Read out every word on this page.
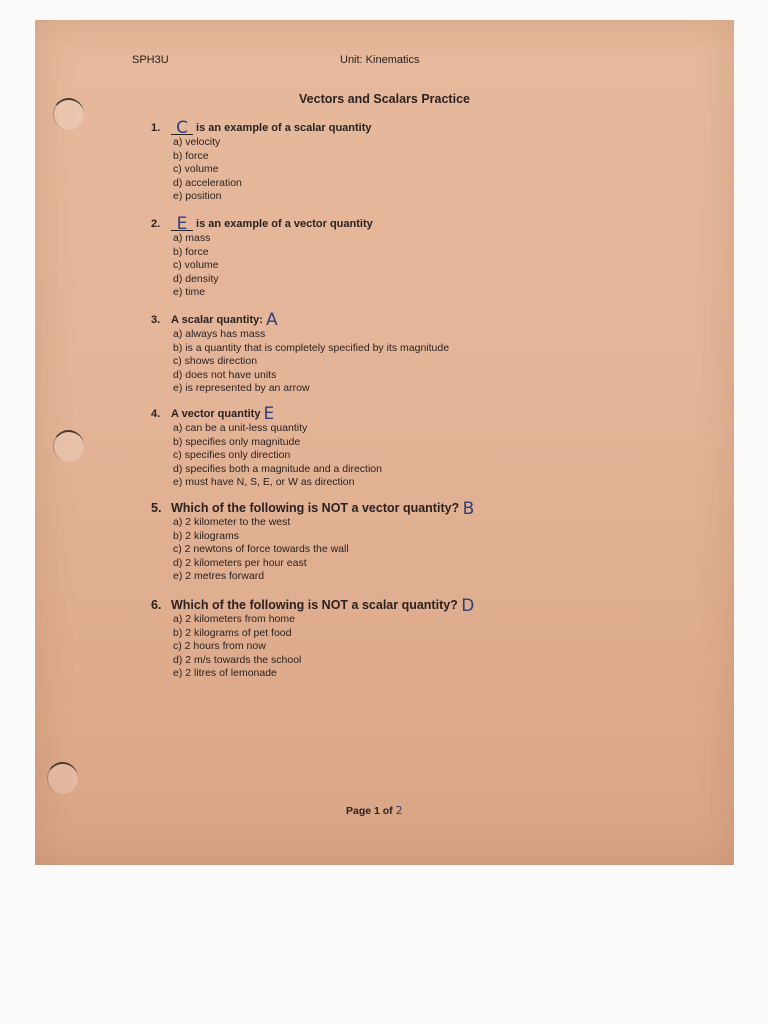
SPH3U	Unit: Kinematics
Vectors and Scalars Practice
1. C is an example of a scalar quantity
a) velocity
b) force
c) volume
d) acceleration
e) position
2. E is an example of a vector quantity
a) mass
b) force
c) volume
d) density
e) time
3. A scalar quantity: A
a) always has mass
b) is a quantity that is completely specified by its magnitude
c) shows direction
d) does not have units
e) is represented by an arrow
4. A vector quantity E
a) can be a unit-less quantity
b) specifies only magnitude
c) specifies only direction
d) specifies both a magnitude and a direction
e) must have N, S, E, or W as direction
5. Which of the following is NOT a vector quantity? B
a) 2 kilometer to the west
b) 2 kilograms
c) 2 newtons of force towards the wall
d) 2 kilometers per hour east
e) 2 metres forward
6. Which of the following is NOT a scalar quantity? D
a) 2 kilometers from home
b) 2 kilograms of pet food
c) 2 hours from now
d) 2 m/s towards the school
e) 2 litres of lemonade
Page 1 of 2
